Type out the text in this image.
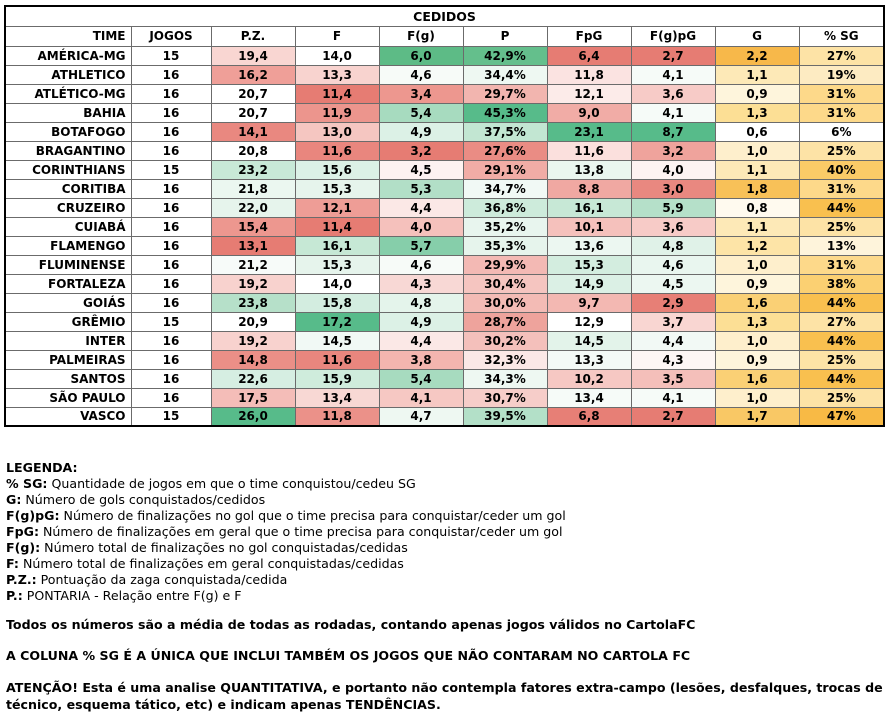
CEDIDOS									
TIME	JOGOS	P.Z.	F	F(g)	P	FpG	F(g)pG	G	% SG
AMÉRICA-MG	15	19,4	14,0	6,0	42,9%	6,4	2,7	2,2	27%
ATHLETICO	16	16,2	13,3	4,6	34,4%	11,8	4,1	1,1	19%
ATLÉTICO-MG	16	20,7	11,4	3,4	29,7%	12,1	3,6	0,9	31%
BAHIA	16	20,7	11,9	5,4	45,3%	9,0	4,1	1,3	31%
BOTAFOGO	16	14,1	13,0	4,9	37,5%	23,1	8,7	0,6	6%
BRAGANTINO	16	20,8	11,6	3,2	27,6%	11,6	3,2	1,0	25%
CORINTHIANS	15	23,2	15,6	4,5	29,1%	13,8	4,0	1,1	40%
CORITIBA	16	21,8	15,3	5,3	34,7%	8,8	3,0	1,8	31%
CRUZEIRO	16	22,0	12,1	4,4	36,8%	16,1	5,9	0,8	44%
CUIABÁ	16	15,4	11,4	4,0	35,2%	10,1	3,6	1,1	25%
FLAMENGO	16	13,1	16,1	5,7	35,3%	13,6	4,8	1,2	13%
FLUMINENSE	16	21,2	15,3	4,6	29,9%	15,3	4,6	1,0	31%
FORTALEZA	16	19,2	14,0	4,3	30,4%	14,9	4,5	0,9	38%
GOIÁS	16	23,8	15,8	4,8	30,0%	9,7	2,9	1,6	44%
GRÊMIO	15	20,9	17,2	4,9	28,7%	12,9	3,7	1,3	27%
INTER	16	19,2	14,5	4,4	30,2%	14,5	4,4	1,0	44%
PALMEIRAS	16	14,8	11,6	3,8	32,3%	13,3	4,3	0,9	25%
SANTOS	16	22,6	15,9	5,4	34,3%	10,2	3,5	1,6	44%
SÃO PAULO	16	17,5	13,4	4,1	30,7%	13,4	4,1	1,0	25%
VASCO	15	26,0	11,8	4,7	39,5%	6,8	2,7	1,7	47%
LEGENDA:
% SG: Quantidade de jogos em que o time conquistou/cedeu SG
G: Número de gols conquistados/cedidos
F(g)pG: Número de finalizações no gol que o time precisa para conquistar/ceder um gol
FpG: Número de finalizações em geral que o time precisa para conquistar/ceder um gol
F(g): Número total de finalizações no gol conquistadas/cedidas
F: Número total de finalizações em geral conquistadas/cedidas
P.Z.: Pontuação da zaga conquistada/cedida
P.: PONTARIA - Relação entre F(g) e F
Todos os números são a média de todas as rodadas, contando apenas jogos válidos no CartolaFC
A COLUNA % SG É A ÚNICA QUE INCLUI TAMBÉM OS JOGOS QUE NÃO CONTARAM NO CARTOLA FC
ATENÇÃO! Esta é uma analise QUANTITATIVA, e portanto não contempla fatores extra-campo (lesões, desfalques, trocas de técnico, esquema tático, etc) e indicam apenas TENDÊNCIAS.
